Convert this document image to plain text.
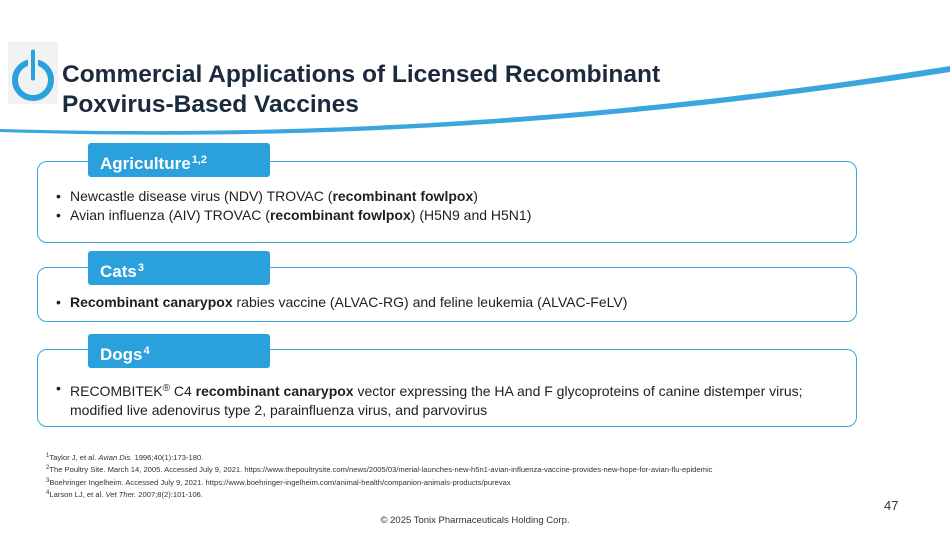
Commercial Applications of Licensed Recombinant
Poxvirus-Based Vaccines
• Newcastle disease virus (NDV) TROVAC (recombinant fowlpox)
• Avian influenza (AIV) TROVAC (recombinant fowlpox) (H5N9 and H5N1)
Agriculture$^{1,2}$
• Recombinant canarypox rabies vaccine (ALVAC-RG) and feline leukemia (ALVAC-FeLV)
Cats$^3$
• RECOMBITEK® C4 recombinant canarypox vector expressing the HA and F glycoproteins of canine distemper virus; modified live adenovirus type 2, parainfluenza virus, and parvovirus
Dogs$^4$
$^1$Taylor J, et al. Avian Dis. 1996;40(1):173-180.
$^2$The Poultry Site. March 14, 2005. Accessed July 9, 2021. https://www.thepoultrysite.com/news/2005/03/merial-launches-new-h5n1-avian-influenza-vaccine-provides-new-hope-for-avian-flu-epidemic
$^3$Boehringer Ingelheim. Accessed July 9, 2021. https://www.boehringer-ingelheim.com/animal-health/companion-animals-products/purevax
$^4$Larson LJ, et al. Vet Ther. 2007;8(2):101-106.
47
© 2025 Tonix Pharmaceuticals Holding Corp.
